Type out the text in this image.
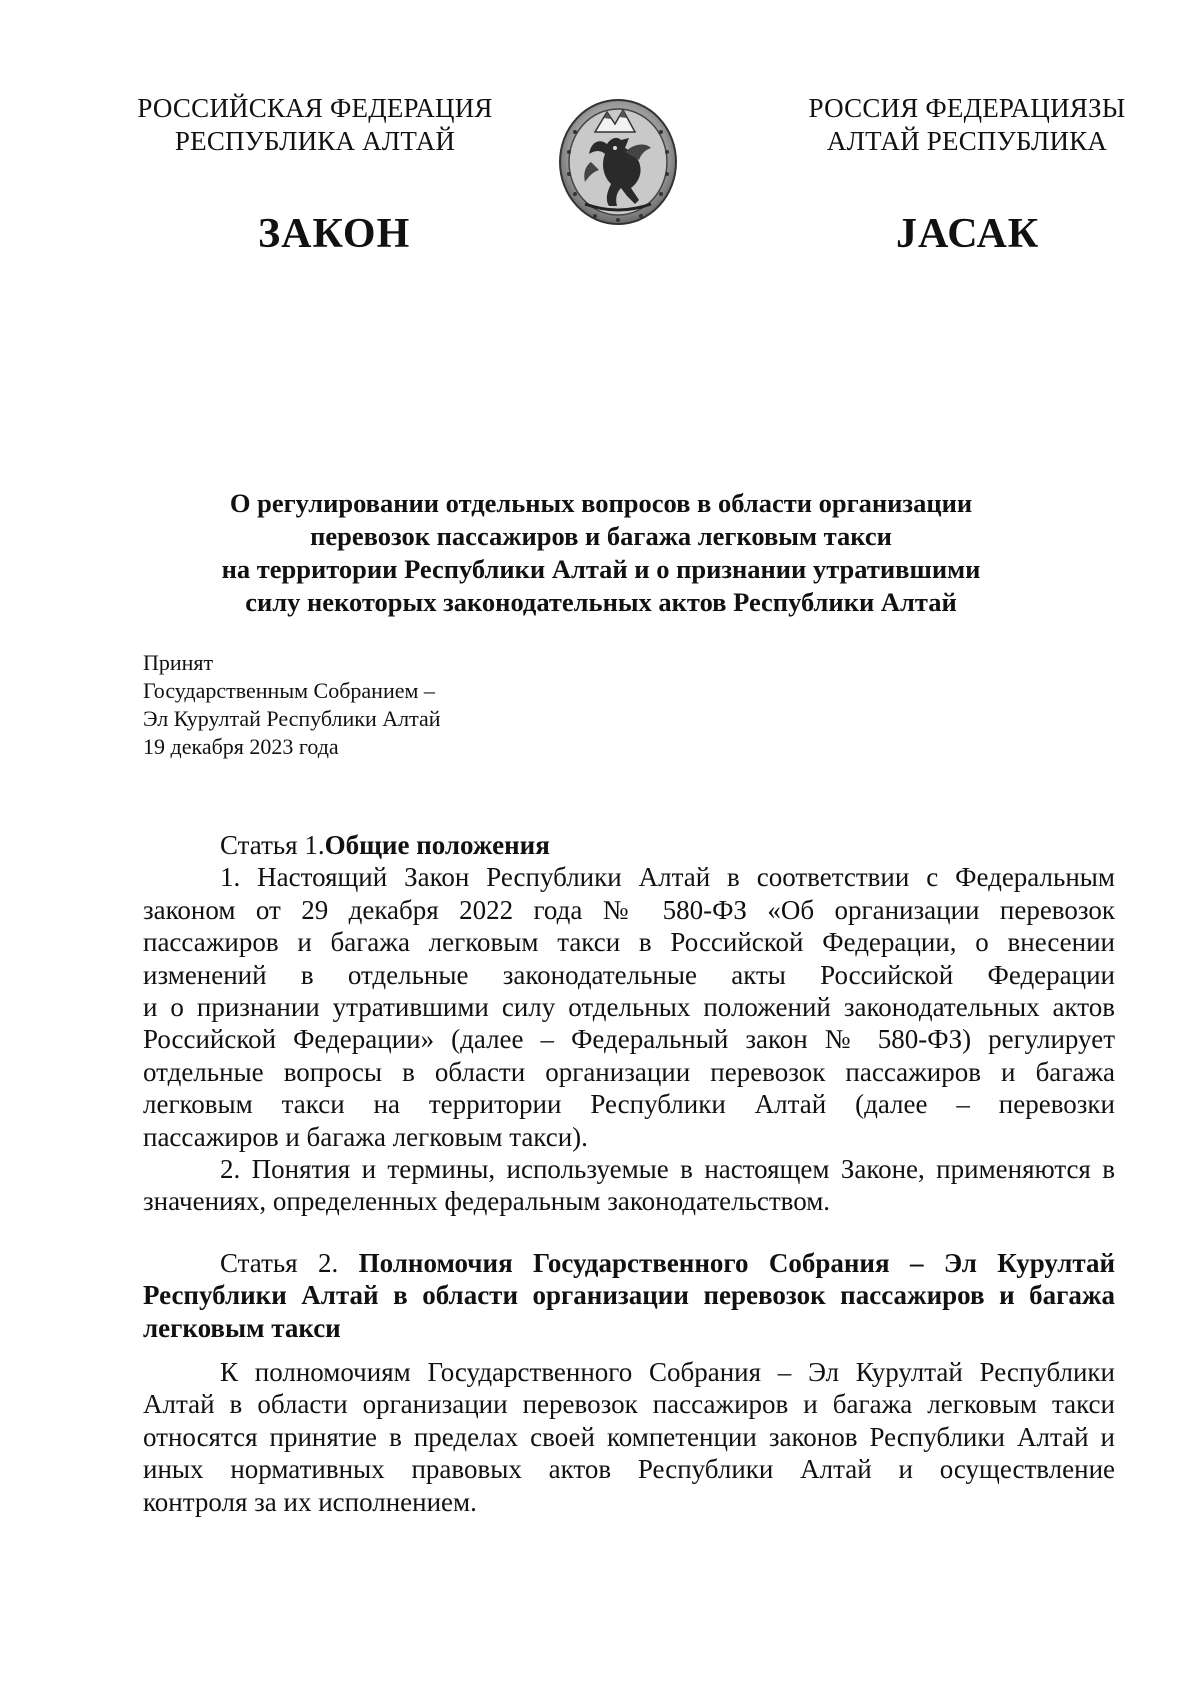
РОССИЙСКАЯ ФЕДЕРАЦИЯ
РЕСПУБЛИКА АЛТАЙ
РОССИЯ ФЕДЕРАЦИЯЗЫ
АЛТАЙ РЕСПУБЛИКА
ЗАКОН	ЈАСАК
О регулировании отдельных вопросов в области организации
перевозок пассажиров и багажа легковым такси
на территории Республики Алтай и о признании утратившими
силу некоторых законодательных актов Республики Алтай
Принят
Государственным Собранием –
Эл Курултай Республики Алтай
19 декабря 2023 года
Статья 1.Общие положения
1. Настоящий Закон Республики Алтай в соответствии с Федеральным
законом от 29 декабря 2022 года № 580-ФЗ «Об организации перевозок
пассажиров и багажа легковым такси в Российской Федерации, о внесении
изменений в отдельные законодательные акты Российской Федерации
и о признании утратившими силу отдельных положений законодательных актов
Российской Федерации» (далее – Федеральный закон № 580-ФЗ) регулирует
отдельные вопросы в области организации перевозок пассажиров и багажа
легковым такси на территории Республики Алтай (далее – перевозки
пассажиров и багажа легковым такси).
2. Понятия и термины, используемые в настоящем Законе, применяются в
значениях, определенных федеральным законодательством.
Статья 2. Полномочия Государственного Собрания – Эл Курултай
Республики Алтай в области организации перевозок пассажиров и багажа
легковым такси
К полномочиям Государственного Собрания – Эл Курултай Республики
Алтай в области организации перевозок пассажиров и багажа легковым такси
относятся принятие в пределах своей компетенции законов Республики Алтай и
иных нормативных правовых актов Республики Алтай и осуществление
контроля за их исполнением.
